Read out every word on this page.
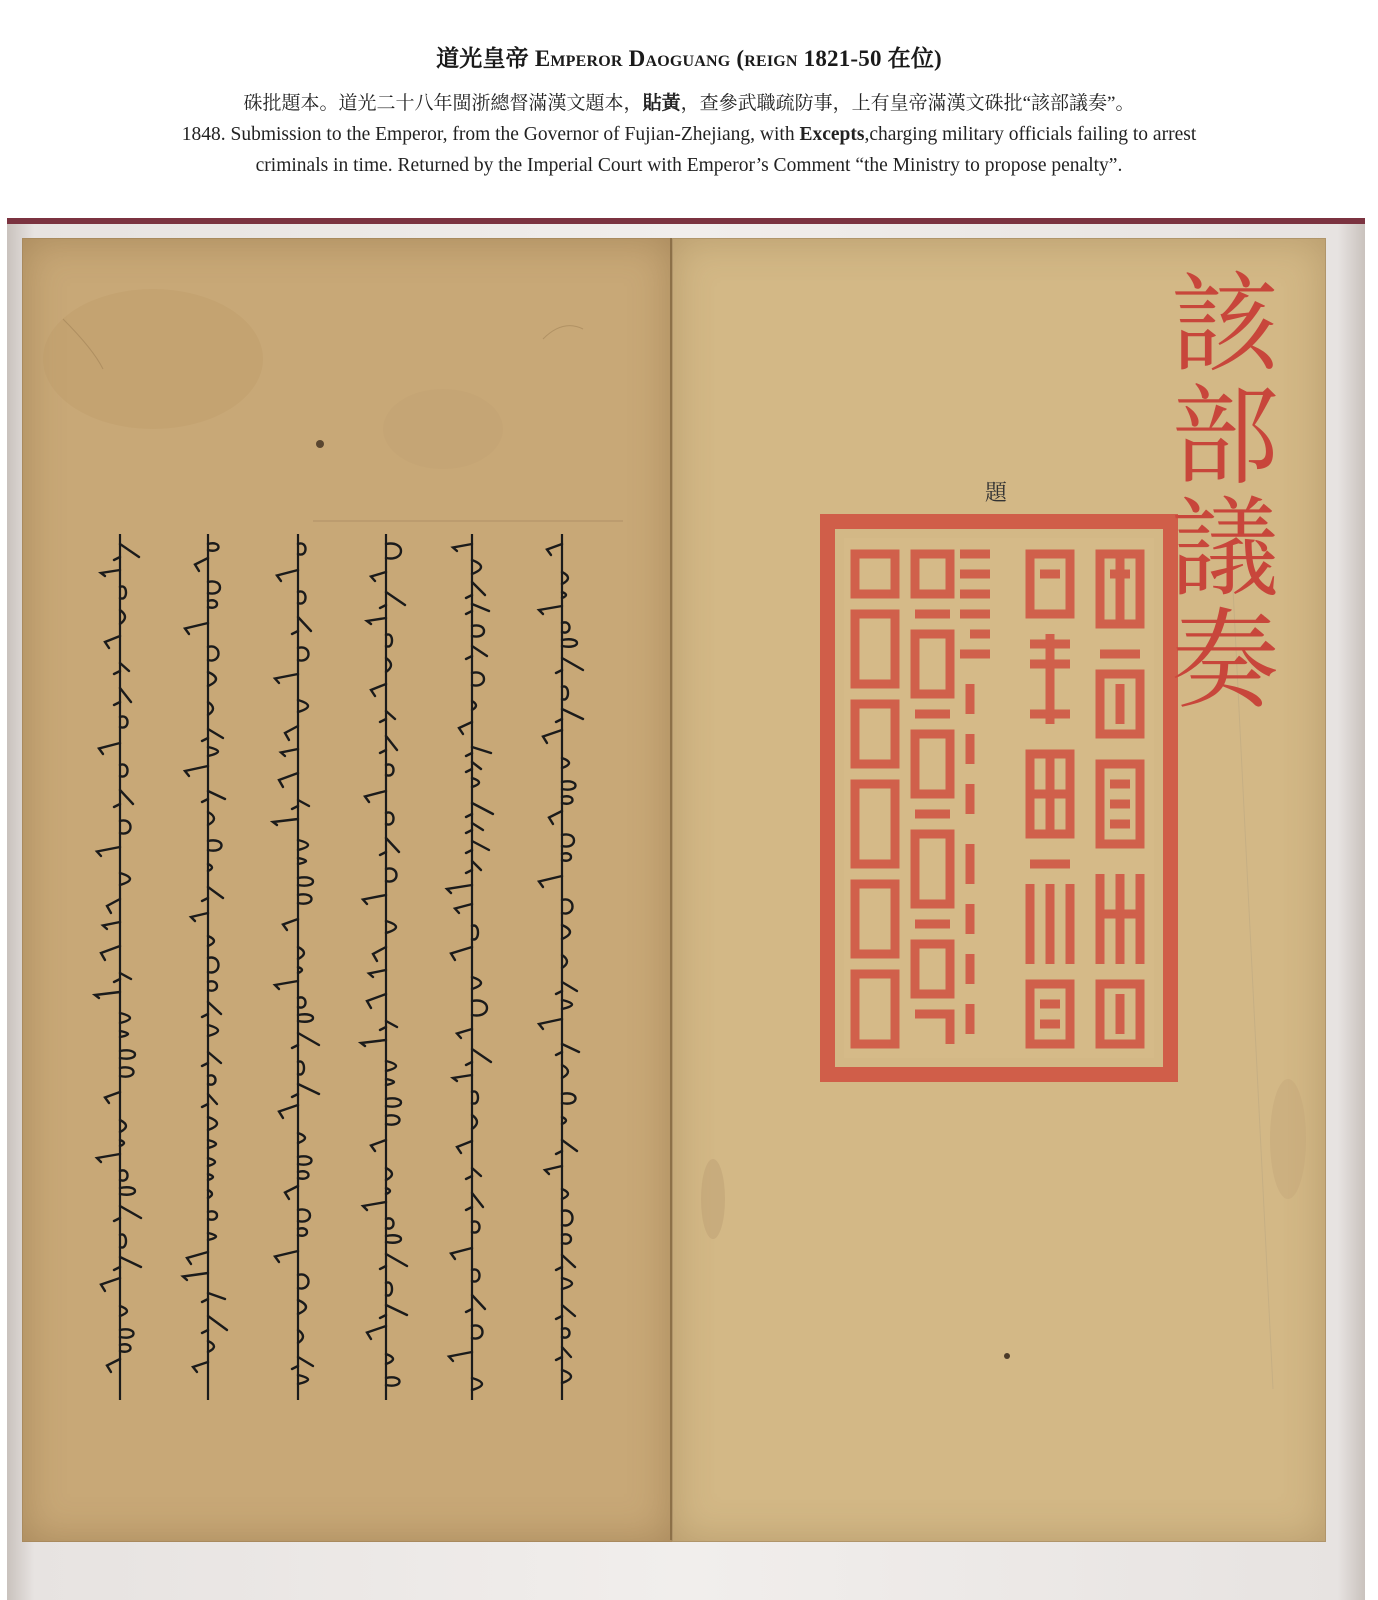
道光皇帝 Emperor Daoguang (reign 1821-50 在位)
硃批題本。道光二十八年閩浙總督滿漢文題本，貼黃，查參武職疏防事，上有皇帝滿漢文硃批“該部議奏”。
1848. Submission to the Emperor, from the Governor of Fujian-Zhejiang, with Excepts,charging military officials failing to arrest
criminals in time. Returned by the Imperial Court with Emperor’s Comment “the Ministry to propose penalty”.
題
該
部
議
奏
